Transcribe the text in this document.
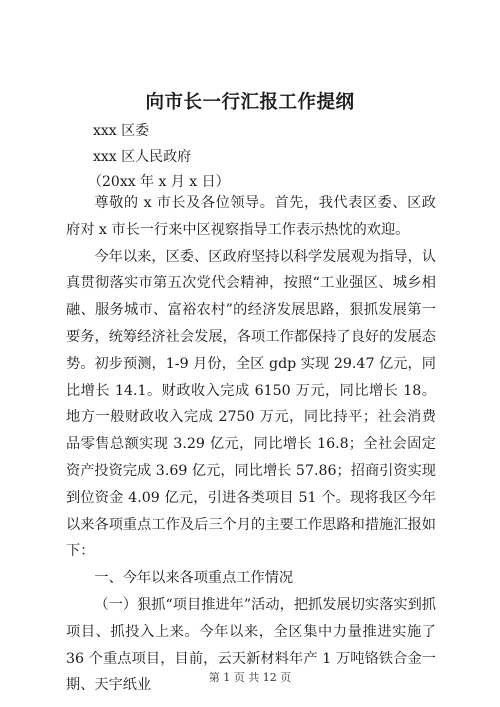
向市长一行汇报工作提纲
xxx 区委
xxx 区人民政府
（20xx 年 x 月 x 日）

尊敬的 x 市长及各位领导。首先，我代表区委、区政府对 x 市长一行来中区视察指导工作表示热忱的欢迎。

今年以来，区委、区政府坚持以科学发展观为指导，认真贯彻落实市第五次党代会精神，按照“工业强区、城乡相融、服务城市、富裕农村”的经济发展思路，狠抓发展第一要务，统筹经济社会发展，各项工作都保持了良好的发展态势。初步预测，1-9 月份，全区 gdp 实现 29.47 亿元，同比增长 14.1。财政收入完成 6150 万元，同比增长 18。地方一般财政收入完成 2750 万元，同比持平；社会消费品零售总额实现 3.29 亿元，同比增长 16.8；全社会固定资产投资完成 3.69 亿元，同比增长 57.86；招商引资实现到位资金 4.09 亿元，引进各类项目 51 个。现将我区今年以来各项重点工作及后三个月的主要工作思路和措施汇报如下：

一、今年以来各项重点工作情况

（一）狠抓“项目推进年”活动，把抓发展切实落实到抓项目、抓投入上来。今年以来，全区集中力量推进实施了 36 个重点项目，目前，云天新材料年产 1 万吨铬铁合金一期、天宇纸业	第 1 页 共 12 页
